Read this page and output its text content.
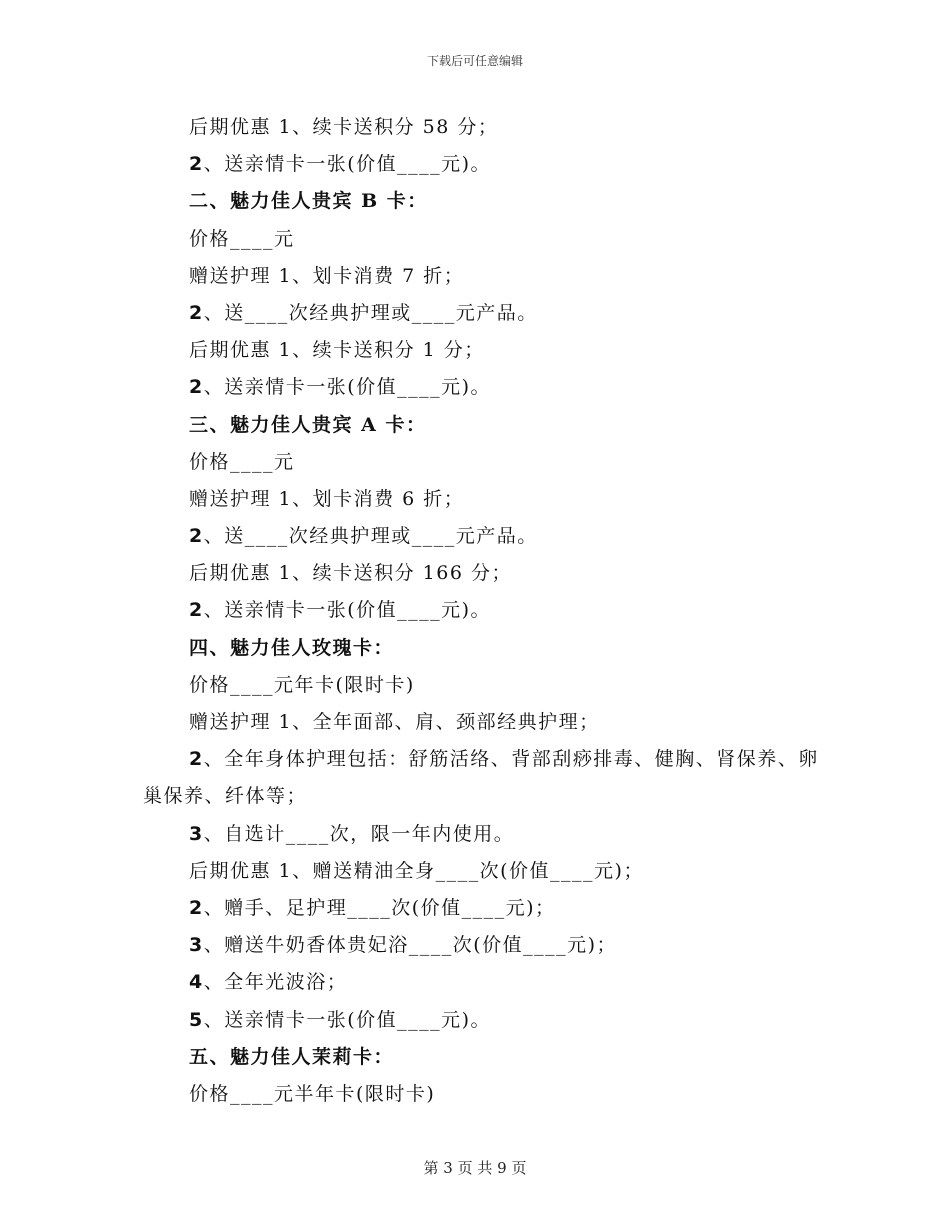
下载后可任意编辑
后期优惠 1、续卡送积分 58 分；
2、送亲情卡一张(价值____元)。
二、魅力佳人贵宾 B 卡：
价格____元
赠送护理 1、划卡消费 7 折；
2、送____次经典护理或____元产品。
后期优惠 1、续卡送积分 1 分；
2、送亲情卡一张(价值____元)。
三、魅力佳人贵宾 A 卡：
价格____元
赠送护理 1、划卡消费 6 折；
2、送____次经典护理或____元产品。
后期优惠 1、续卡送积分 166 分；
2、送亲情卡一张(价值____元)。
四、魅力佳人玫瑰卡：
价格____元年卡(限时卡)
赠送护理 1、全年面部、肩、颈部经典护理；
2、全年身体护理包括：舒筋活络、背部刮痧排毒、健胸、肾保养、卵巢保养、纤体等；
3、自选计____次，限一年内使用。
后期优惠 1、赠送精油全身____次(价值____元)；
2、赠手、足护理____次(价值____元)；
3、赠送牛奶香体贵妃浴____次(价值____元)；
4、全年光波浴；
5、送亲情卡一张(价值____元)。
五、魅力佳人茉莉卡：
价格____元半年卡(限时卡)
第 3 页 共 9 页
